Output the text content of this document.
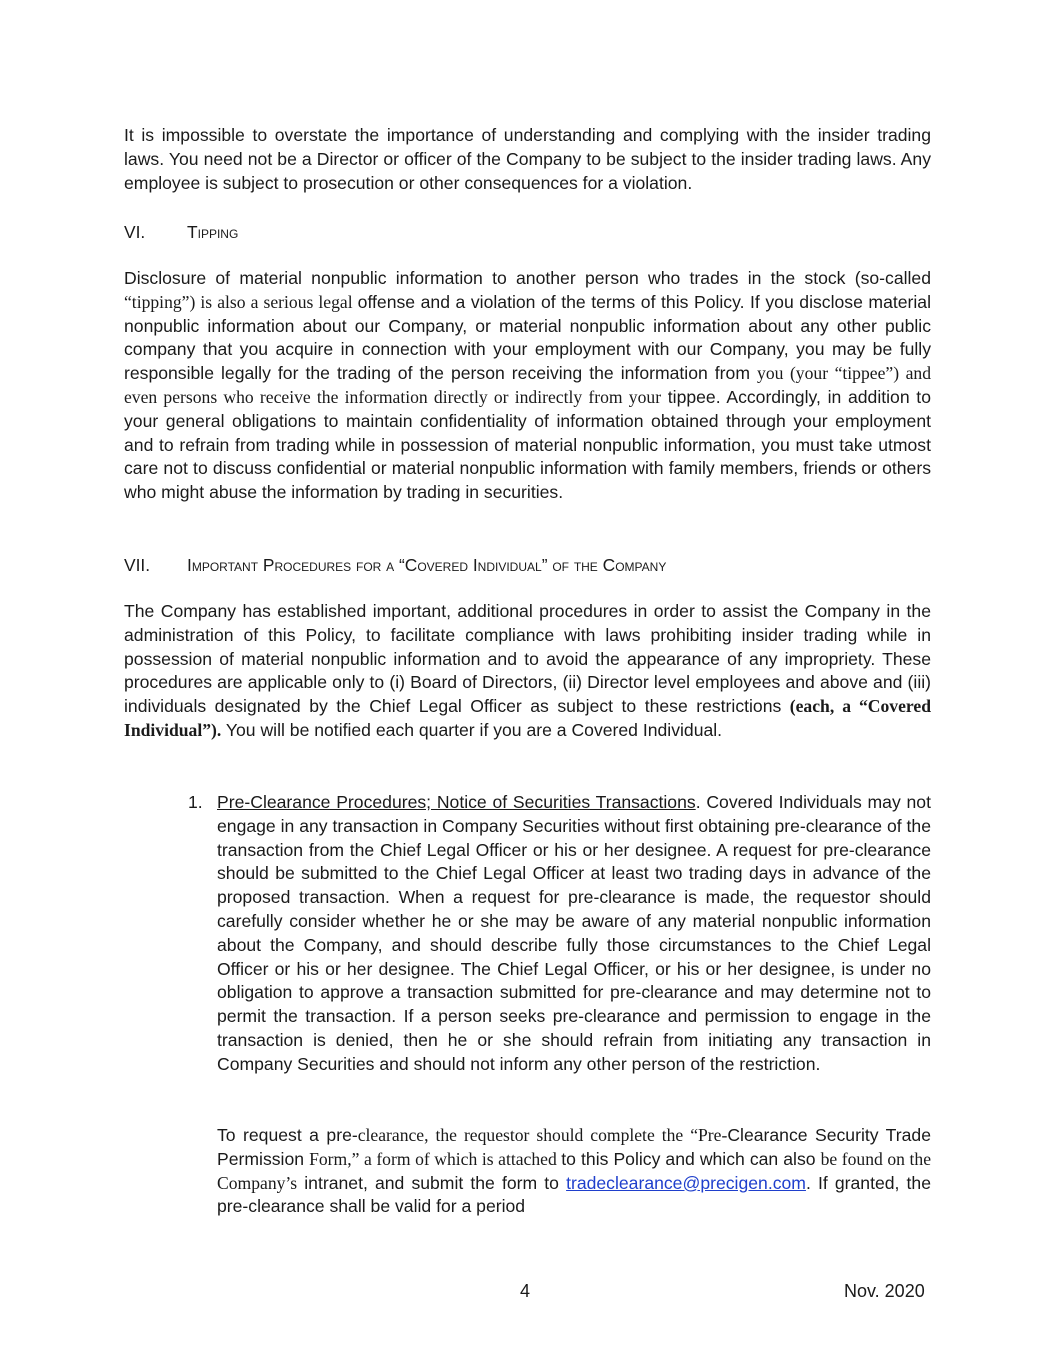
It is impossible to overstate the importance of understanding and complying with the insider trading laws. You need not be a Director or officer of the Company to be subject to the insider trading laws. Any employee is subject to prosecution or other consequences for a violation.

VI. Tipping

Disclosure of material nonpublic information to another person who trades in the stock (so-called “tipping”) is also a serious legal offense and a violation of the terms of this Policy. If you disclose material nonpublic information about our Company, or material nonpublic information about any other public company that you acquire in connection with your employment with our Company, you may be fully responsible legally for the trading of the person receiving the information from you (your “tippee”) and even persons who receive the information directly or indirectly from your tippee. Accordingly, in addition to your general obligations to maintain confidentiality of information obtained through your employment and to refrain from trading while in possession of material nonpublic information, you must take utmost care not to discuss confidential or material nonpublic information with family members, friends or others who might abuse the information by trading in securities.

VII. Important Procedures for a “Covered Individual” of the Company

The Company has established important, additional procedures in order to assist the Company in the administration of this Policy, to facilitate compliance with laws prohibiting insider trading while in possession of material nonpublic information and to avoid the appearance of any impropriety. These procedures are applicable only to (i) Board of Directors, (ii) Director level employees and above and (iii) individuals designated by the Chief Legal Officer as subject to these restrictions (each, a “Covered Individual”). You will be notified each quarter if you are a Covered Individual.

1. Pre-Clearance Procedures; Notice of Securities Transactions. Covered Individuals may not engage in any transaction in Company Securities without first obtaining pre-clearance of the transaction from the Chief Legal Officer or his or her designee. A request for pre-clearance should be submitted to the Chief Legal Officer at least two trading days in advance of the proposed transaction. When a request for pre-clearance is made, the requestor should carefully consider whether he or she may be aware of any material nonpublic information about the Company, and should describe fully those circumstances to the Chief Legal Officer or his or her designee. The Chief Legal Officer, or his or her designee, is under no obligation to approve a transaction submitted for pre-clearance and may determine not to permit the transaction. If a person seeks pre-clearance and permission to engage in the transaction is denied, then he or she should refrain from initiating any transaction in Company Securities and should not inform any other person of the restriction.

To request a pre-clearance, the requestor should complete the “Pre-Clearance Security Trade Permission Form,” a form of which is attached to this Policy and which can also be found on the Company’s intranet, and submit the form to tradeclearance@precigen.com. If granted, the pre-clearance shall be valid for a period

4	Nov. 2020
